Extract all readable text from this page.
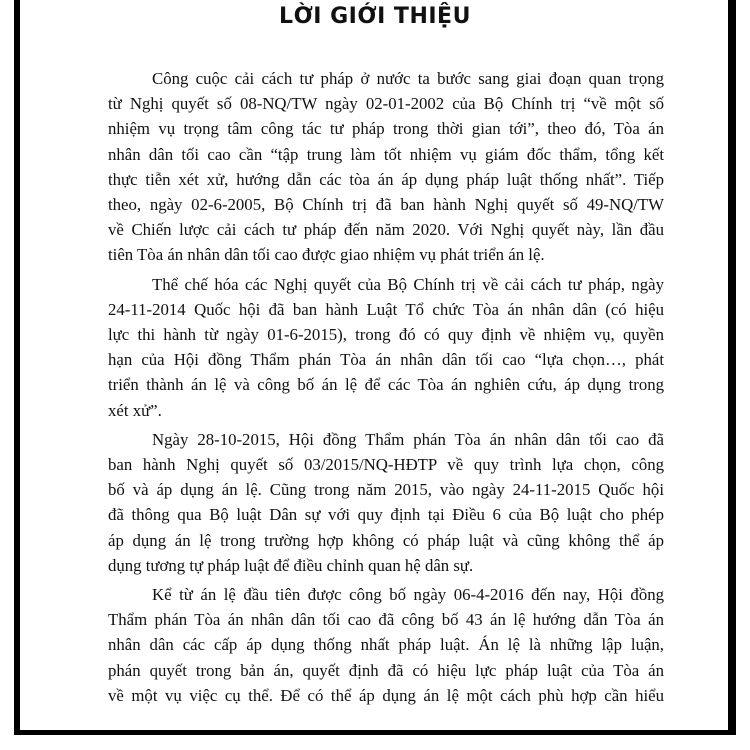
LỜI GIỚI THIỆU
Công cuộc cải cách tư pháp ở nước ta bước sang giai đoạn quan trọng
từ Nghị quyết số 08-NQ/TW ngày 02-01-2002 của Bộ Chính trị “về một số
nhiệm vụ trọng tâm công tác tư pháp trong thời gian tới”, theo đó, Tòa án
nhân dân tối cao cần “tập trung làm tốt nhiệm vụ giám đốc thẩm, tổng kết
thực tiễn xét xử, hướng dẫn các tòa án áp dụng pháp luật thống nhất”. Tiếp
theo, ngày 02-6-2005, Bộ Chính trị đã ban hành Nghị quyết số 49-NQ/TW
về Chiến lược cải cách tư pháp đến năm 2020. Với Nghị quyết này, lần đầu
tiên Tòa án nhân dân tối cao được giao nhiệm vụ phát triển án lệ.
Thể chế hóa các Nghị quyết của Bộ Chính trị về cải cách tư pháp, ngày
24-11-2014 Quốc hội đã ban hành Luật Tổ chức Tòa án nhân dân (có hiệu
lực thi hành từ ngày 01-6-2015), trong đó có quy định về nhiệm vụ, quyền
hạn của Hội đồng Thẩm phán Tòa án nhân dân tối cao “lựa chọn…, phát
triển thành án lệ và công bố án lệ để các Tòa án nghiên cứu, áp dụng trong
xét xử”.
Ngày 28-10-2015, Hội đồng Thẩm phán Tòa án nhân dân tối cao đã
ban hành Nghị quyết số 03/2015/NQ-HĐTP về quy trình lựa chọn, công
bố và áp dụng án lệ. Cũng trong năm 2015, vào ngày 24-11-2015 Quốc hội
đã thông qua Bộ luật Dân sự với quy định tại Điều 6 của Bộ luật cho phép
áp dụng án lệ trong trường hợp không có pháp luật và cũng không thể áp
dụng tương tự pháp luật để điều chỉnh quan hệ dân sự.
Kể từ án lệ đầu tiên được công bố ngày 06-4-2016 đến nay, Hội đồng
Thẩm phán Tòa án nhân dân tối cao đã công bố 43 án lệ hướng dẫn Tòa án
nhân dân các cấp áp dụng thống nhất pháp luật. Án lệ là những lập luận,
phán quyết trong bản án, quyết định đã có hiệu lực pháp luật của Tòa án
về một vụ việc cụ thể. Để có thể áp dụng án lệ một cách phù hợp cần hiểu
